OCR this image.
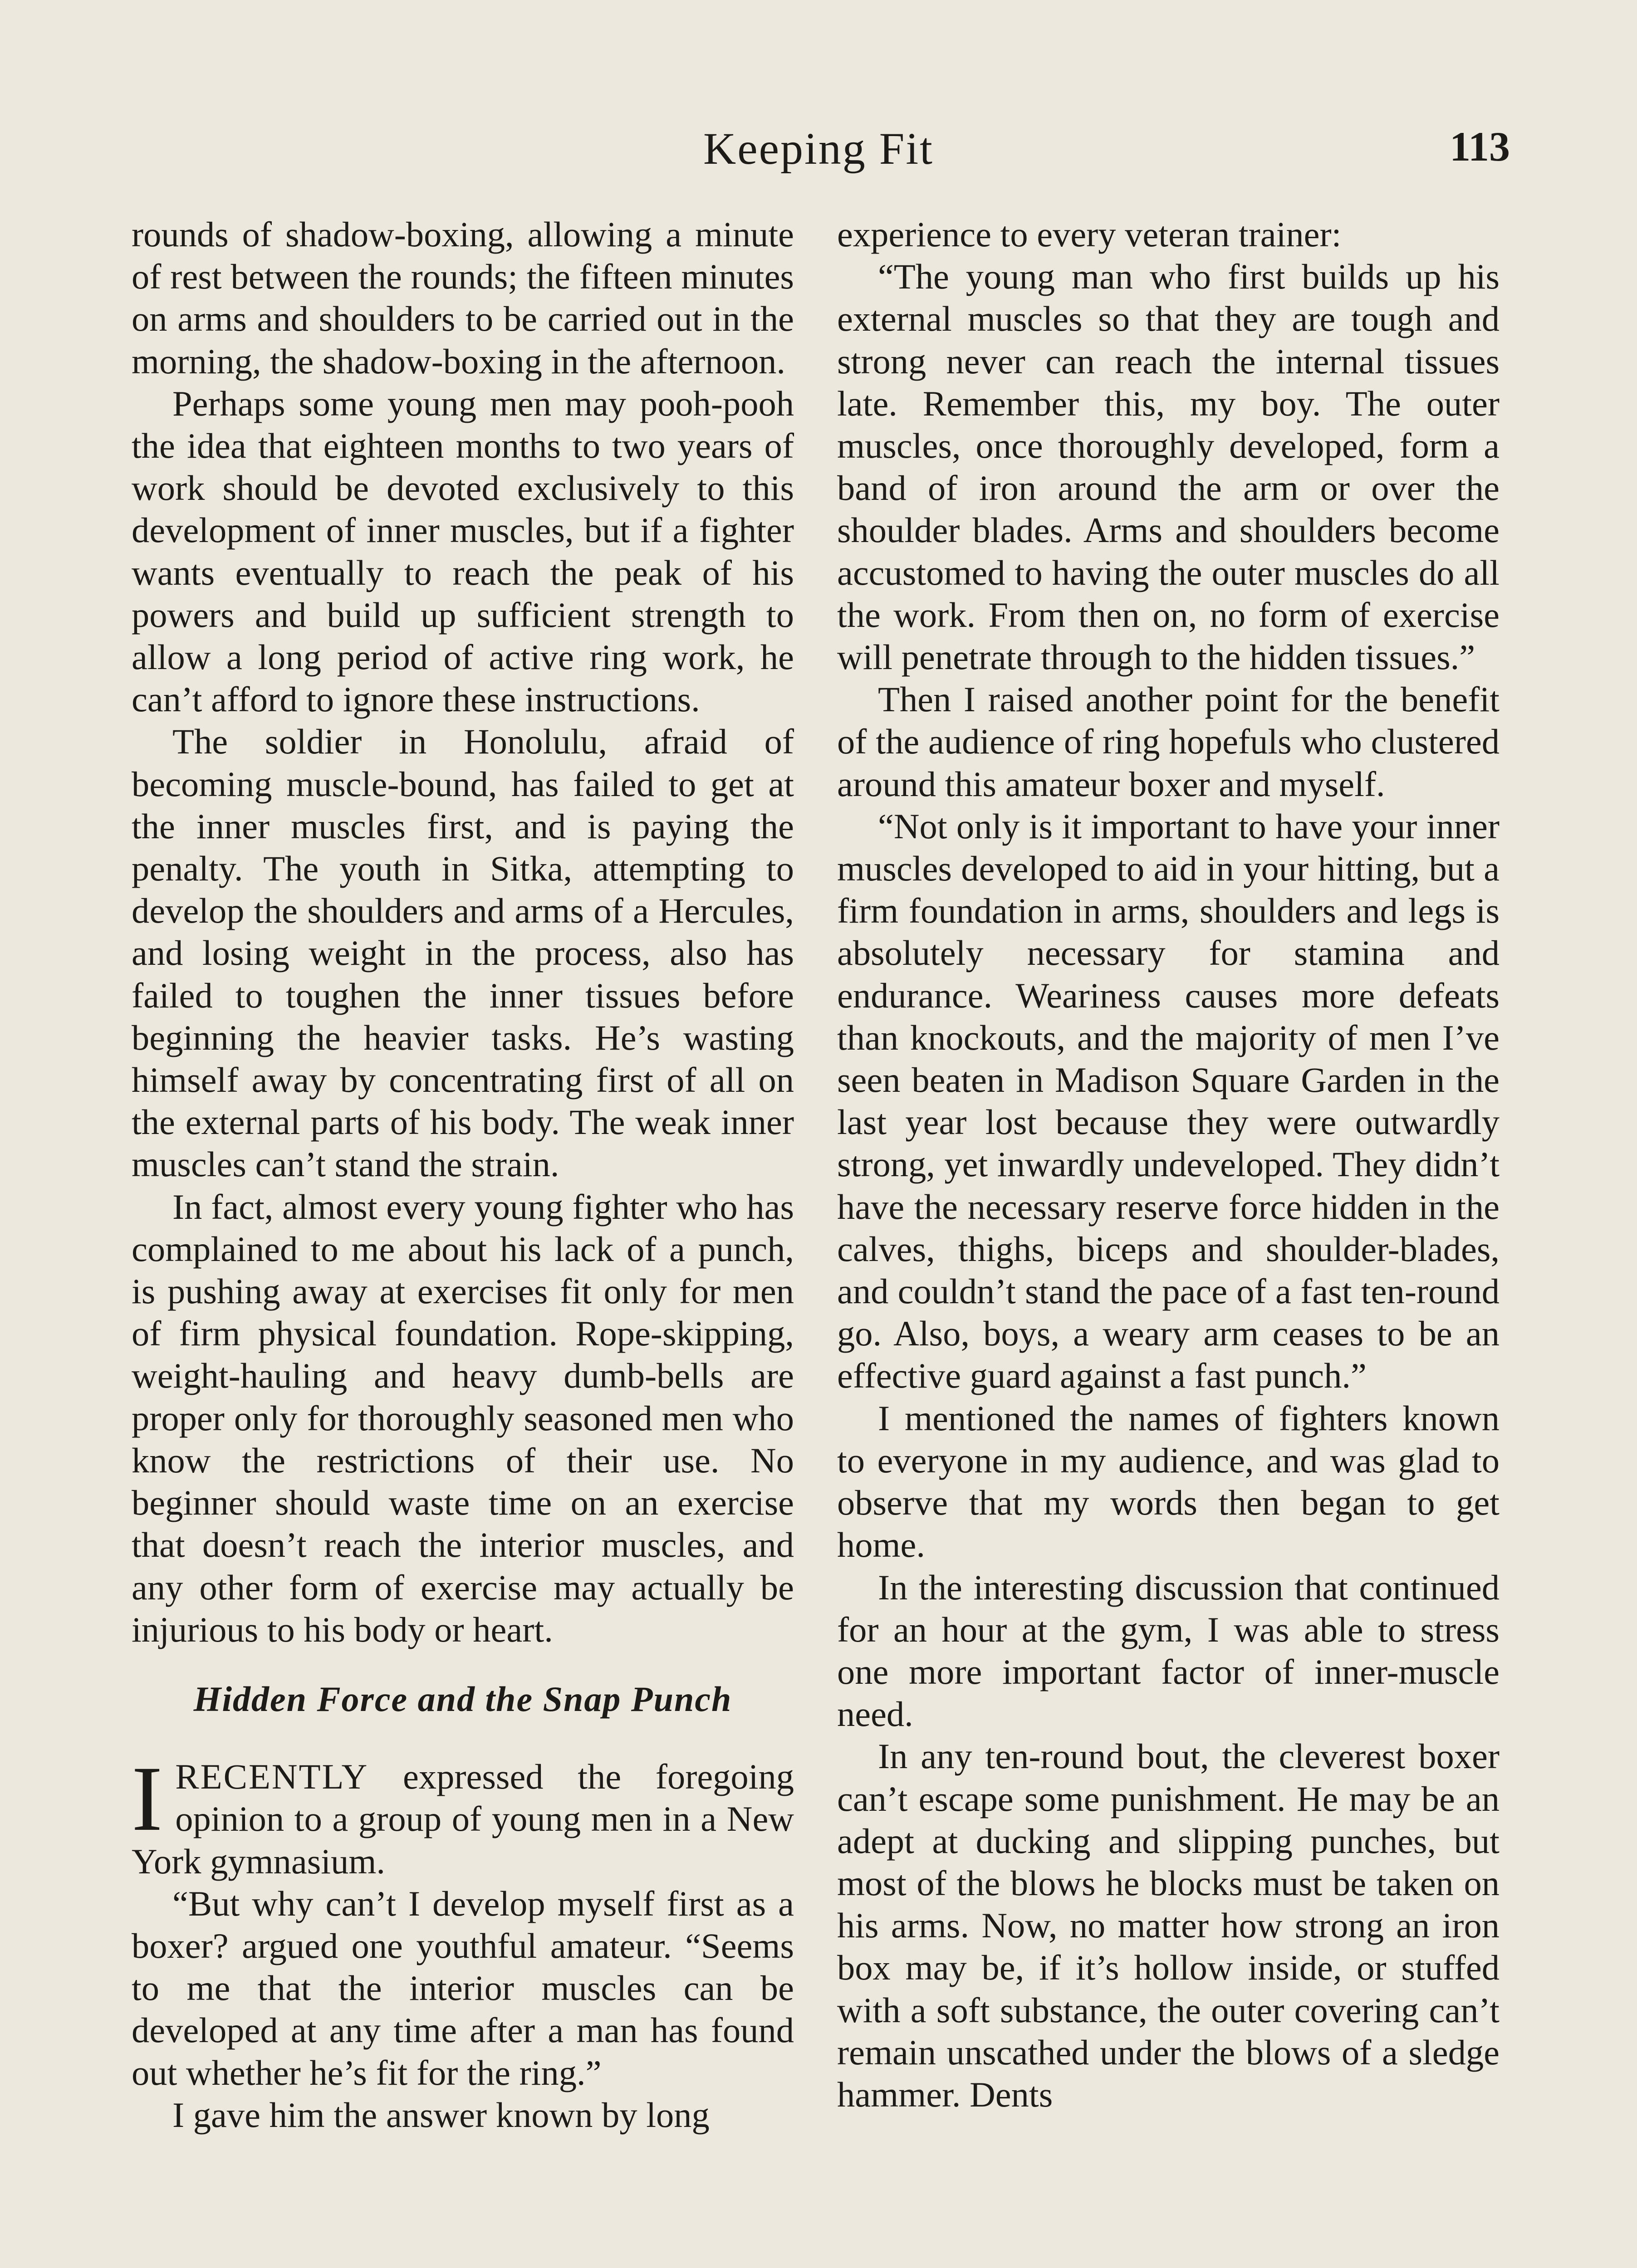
Keeping Fit	113

rounds of shadow-boxing, allowing a minute of rest between the rounds; the fifteen minutes on arms and shoulders to be carried out in the morning, the shadow-boxing in the afternoon.

Perhaps some young men may pooh-pooh the idea that eighteen months to two years of work should be devoted exclusively to this development of inner muscles, but if a fighter wants eventually to reach the peak of his powers and build up sufficient strength to allow a long period of active ring work, he can’t afford to ignore these instructions.

The soldier in Honolulu, afraid of becoming muscle-bound, has failed to get at the inner muscles first, and is paying the penalty. The youth in Sitka, attempting to develop the shoulders and arms of a Hercules, and losing weight in the process, also has failed to toughen the inner tissues before beginning the heavier tasks. He’s wasting himself away by concentrating first of all on the external parts of his body. The weak inner muscles can’t stand the strain.

In fact, almost every young fighter who has complained to me about his lack of a punch, is pushing away at exercises fit only for men of firm physical foundation. Rope-skipping, weight-hauling and heavy dumb-bells are proper only for thoroughly seasoned men who know the restrictions of their use. No beginner should waste time on an exercise that doesn’t reach the interior muscles, and any other form of exercise may actually be injurious to his body or heart.

Hidden Force and the Snap Punch

IRECENTLY expressed the foregoing opinion to a group of young men in a New York gymnasium.

“But why can’t I develop myself first as a boxer? argued one youthful amateur. “Seems to me that the interior muscles can be developed at any time after a man has found out whether he’s fit for the ring.”

I gave him the answer known by long

experience to every veteran trainer:

“The young man who first builds up his external muscles so that they are tough and strong never can reach the internal tissues late. Remember this, my boy. The outer muscles, once thoroughly developed, form a band of iron around the arm or over the shoulder blades. Arms and shoulders become accustomed to having the outer muscles do all the work. From then on, no form of exercise will penetrate through to the hidden tissues.”

Then I raised another point for the benefit of the audience of ring hopefuls who clustered around this amateur boxer and myself.

“Not only is it important to have your inner muscles developed to aid in your hitting, but a firm foundation in arms, shoulders and legs is absolutely necessary for stamina and endurance. Weariness causes more defeats than knockouts, and the majority of men I’ve seen beaten in Madison Square Garden in the last year lost because they were outwardly strong, yet inwardly undeveloped. They didn’t have the necessary reserve force hidden in the calves, thighs, biceps and shoulder-blades, and couldn’t stand the pace of a fast ten-round go. Also, boys, a weary arm ceases to be an effective guard against a fast punch.”

I mentioned the names of fighters known to everyone in my audience, and was glad to observe that my words then began to get home.

In the interesting discussion that continued for an hour at the gym, I was able to stress one more important factor of inner-muscle need.

In any ten-round bout, the cleverest boxer can’t escape some punishment. He may be an adept at ducking and slipping punches, but most of the blows he blocks must be taken on his arms. Now, no matter how strong an iron box may be, if it’s hollow inside, or stuffed with a soft substance, the outer covering can’t remain unscathed under the blows of a sledge hammer. Dents
